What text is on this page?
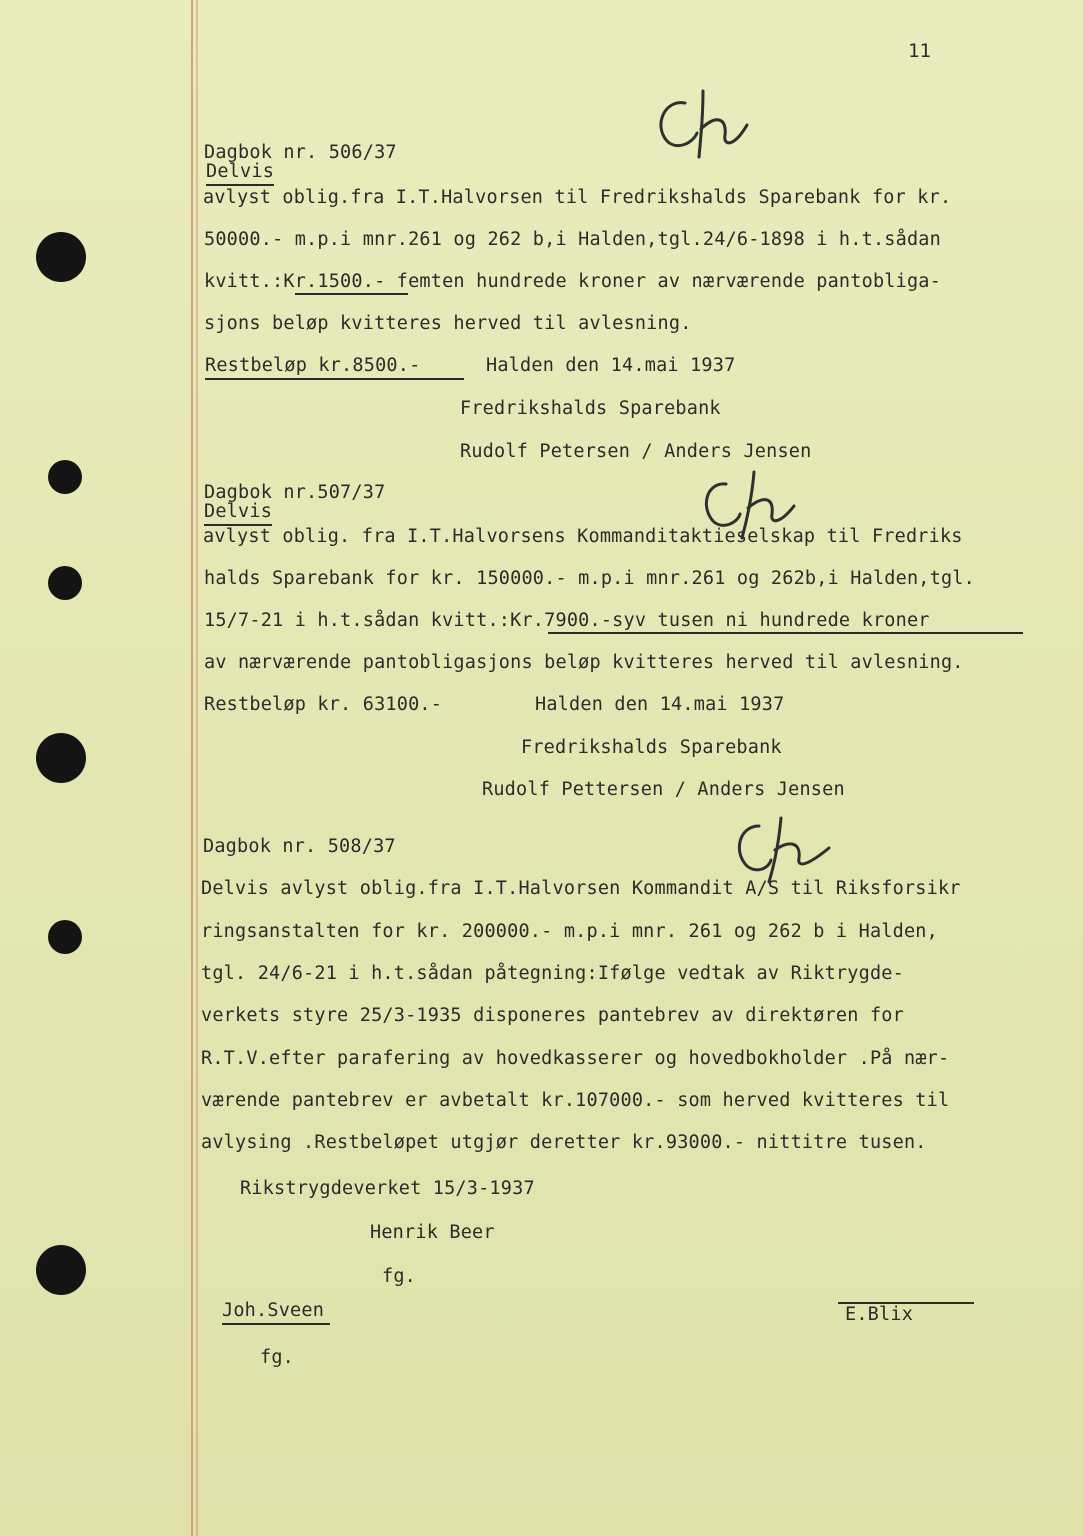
11
Dagbok nr. 506/37
Delvis
avlyst oblig.fra I.T.Halvorsen til Fredrikshalds Sparebank for kr.
50000.- m.p.i mnr.261 og 262 b,i Halden,tgl.24/6-1898 i h.t.sådan
kvitt.:Kr.1500.- femten hundrede kroner av nærværende pantobliga-
sjons beløp kvitteres herved til avlesning.
Restbeløp kr.8500.-	Halden den 14.mai 1937
Fredrikshalds Sparebank
Rudolf Petersen / Anders Jensen
Dagbok nr.507/37
Delvis
avlyst oblig. fra I.T.Halvorsens Kommanditaktieselskap til Fredriks
halds Sparebank for kr. 150000.- m.p.i mnr.261 og 262b,i Halden,tgl.
15/7-21 i h.t.sådan kvitt.:Kr.7900.-syv tusen ni hundrede kroner
av nærværende pantobligasjons beløp kvitteres herved til avlesning.
Restbeløp kr. 63100.-	Halden den 14.mai 1937
Fredrikshalds Sparebank
Rudolf Pettersen / Anders Jensen
Dagbok nr. 508/37
Delvis avlyst oblig.fra I.T.Halvorsen Kommandit A/S til Riksforsikr
ringsanstalten for kr. 200000.- m.p.i mnr. 261 og 262 b i Halden,
tgl. 24/6-21 i h.t.sådan påtegning:Ifølge vedtak av Riktrygde-
verkets styre 25/3-1935 disponeres pantebrev av direktøren for
R.T.V.efter parafering av hovedkasserer og hovedbokholder .På nær-
værende pantebrev er avbetalt kr.107000.- som herved kvitteres til
avlysing .Restbeløpet utgjør deretter kr.93000.- nittitre tusen.
Rikstrygdeverket 15/3-1937
Henrik Beer
fg.
Joh.Sveen	E.Blix
fg.
